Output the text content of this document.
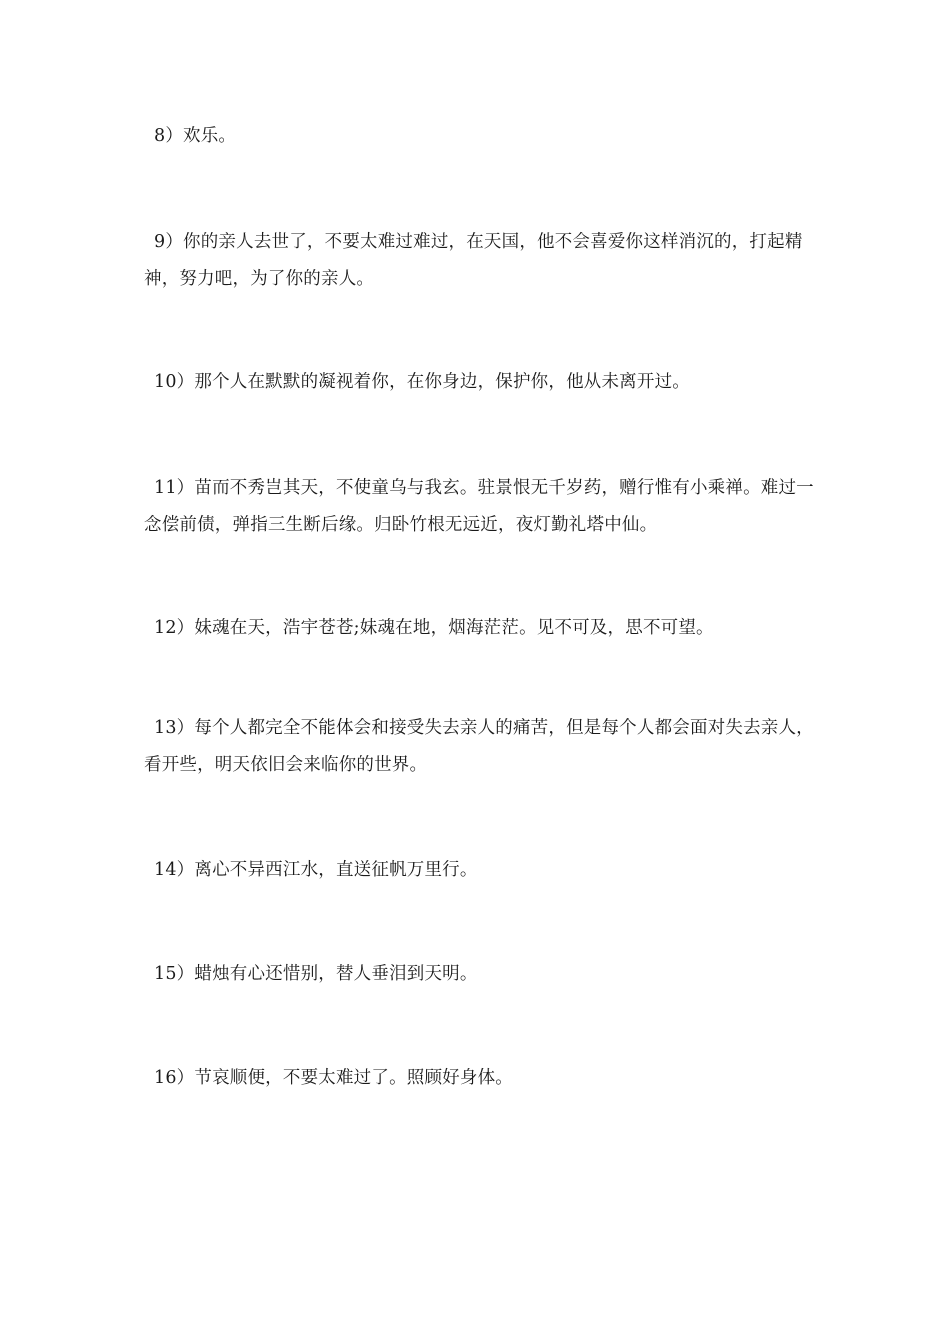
8）欢乐。

9）你的亲人去世了，不要太难过难过，在天国，他不会喜爱你这样消沉的，打起精神，努力吧，为了你的亲人。

10）那个人在默默的凝视着你，在你身边，保护你，他从未离开过。

11）苗而不秀岂其天，不使童乌与我玄。驻景恨无千岁药，赠行惟有小乘禅。难过一念偿前债，弹指三生断后缘。归卧竹根无远近，夜灯勤礼塔中仙。

12）妹魂在天，浩宇苍苍;妹魂在地，烟海茫茫。见不可及，思不可望。

13）每个人都完全不能体会和接受失去亲人的痛苦，但是每个人都会面对失去亲人，看开些，明天依旧会来临你的世界。

14）离心不异西江水，直送征帆万里行。

15）蜡烛有心还惜别，替人垂泪到天明。

16）节哀顺便，不要太难过了。照顾好身体。
